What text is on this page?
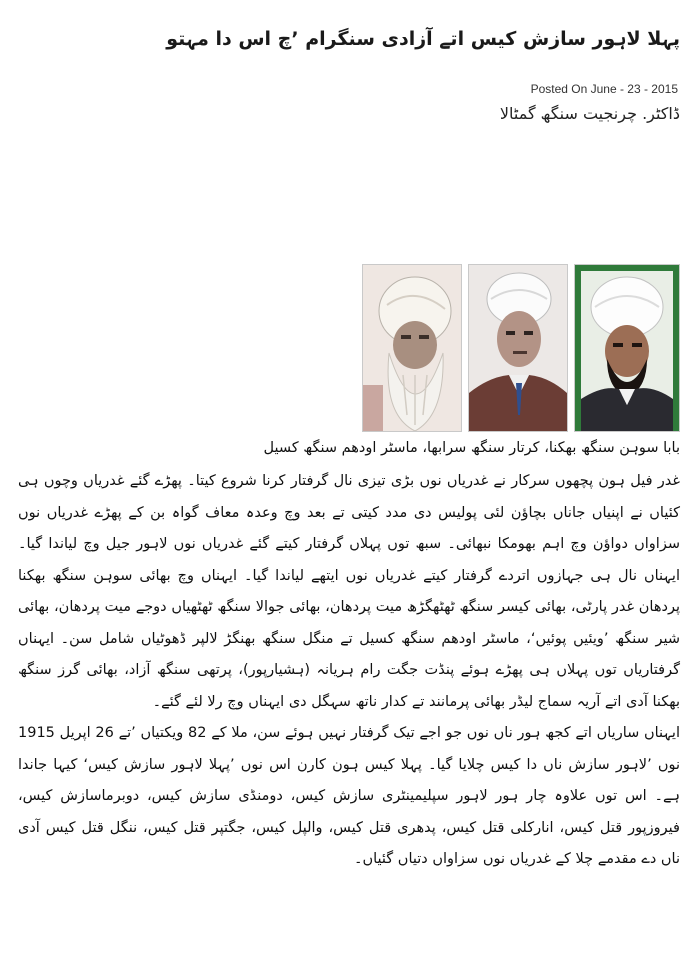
پہلا لاہور سازش کیس اتے آزادی سنگرام ’چ اس دا مہتو
Posted On June - 23 - 2015
ڈاکٹر. چرنجیت سنگھ گمٹالا
بابا سوہن سنگھ بھکنا، کرتار سنگھ سرابھا، ماسٹر اودھم سنگھ کسیل

غدر فیل ہون پچھوں سرکار نے غدریاں نوں بڑی تیزی نال گرفتار کرنا شروع کیتا۔ پھڑے گئے غدریاں وچوں ہی کئیاں نے اپنیاں جاناں بچاؤن لئی پولیس دی مدد کیتی تے بعد وچ وعدہ معاف گواہ بن کے پھڑے غدریاں نوں سزاواں دواؤن وچ اہم بھومکا نبھائی۔ سبھ توں پہلاں گرفتار کیتے گئے غدریاں نوں لاہور جیل وچ لیاندا گیا۔ ایہناں نال ہی جہازوں اتردے گرفتار کیتے غدریاں نوں ایتھے لیاندا گیا۔ ایہناں وچ بھائی سوہن سنگھ بھکنا پردھان غدر پارٹی، بھائی کیسر سنگھ ٹھٹھگڑھ میت پردھان، بھائی جوالا سنگھ ٹھٹھیاں دوجے میت پردھان، بھائی شیر سنگھ ’ویئیں پوئیں‘، ماسٹر اودھم سنگھ کسیل تے منگل سنگھ بھنگڑ لالپر ڈھوٹیاں شامل سن۔ ایہناں گرفتاریاں توں پہلاں ہی پھڑے ہوئے پنڈت جگت رام ہریانہ (ہشیارپور)، پرتھی سنگھ آزاد، بھائی گرز سنگھ بھکنا آدی اتے آریہ سماج لیڈر بھائی پرمانند تے کدار ناتھ سہگل دی ایہناں وچ رلا لئے گئے۔

ایہناں ساریاں اتے کجھ ہور ناں نوں جو اجے تیک گرفتار نہیں ہوئے سن، ملا کے 82 ویکتیاں ’تے 26 اپریل 1915 نوں ’لاہور سازش ناں دا کیس چلایا گیا۔ پہلا کیس ہون کارن اس نوں ’پہلا لاہور سازش کیس‘ کیہا جاندا ہے۔ اس توں علاوہ چار ہور لاہور سپلیمینٹری سازش کیس، دومنڈی سازش کیس، دوبرماسازش کیس، فیروزپور قتل کیس، انارکلی قتل کیس، پدھری قتل کیس، والپل کیس، جگتپر قتل کیس، ننگل قتل کیس آدی ناں دے مقدمے چلا کے غدریاں نوں سزاواں دتیاں گئیاں۔
